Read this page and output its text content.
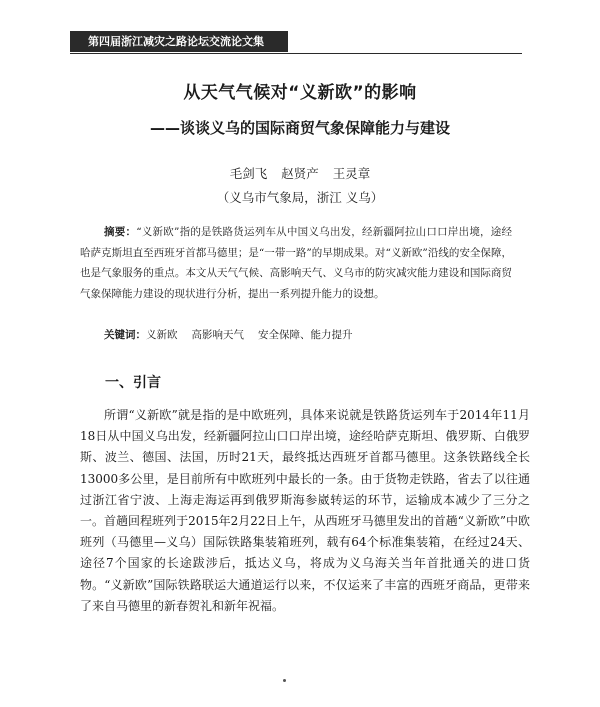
第四届浙江减灾之路论坛交流论文集
从天气气候对“义新欧”的影响
——谈谈义乌的国际商贸气象保障能力与建设
毛剑飞 赵贤产 王灵章
（义乌市气象局，浙江 义乌）
摘要：“义新欧”指的是铁路货运列车从中国义乌出发，经新疆阿拉山口口岸出境，途经哈萨克斯坦直至西班牙首都马德里；是“一带一路”的早期成果。对“义新欧”沿线的安全保障，也是气象服务的重点。本文从天气气候、高影响天气、义乌市的防灾减灾能力建设和国际商贸气象保障能力建设的现状进行分析，提出一系列提升能力的设想。
关键词：义新欧 高影响天气 安全保障、能力提升
一、引言
所谓“义新欧”就是指的是中欧班列，具体来说就是铁路货运列车于2014年11月18日从中国义乌出发，经新疆阿拉山口口岸出境，途经哈萨克斯坦、俄罗斯、白俄罗斯、波兰、德国、法国，历时21天，最终抵达西班牙首都马德里。这条铁路线全长13000多公里，是目前所有中欧班列中最长的一条。由于货物走铁路，省去了以往通过浙江省宁波、上海走海运再到俄罗斯海参崴转运的环节，运输成本减少了三分之一。首趟回程班列于2015年2月22日上午，从西班牙马德里发出的首趟“义新欧”中欧班列（马德里—义乌）国际铁路集装箱班列，载有64个标准集装箱，在经过24天、途径7个国家的长途跋涉后，抵达义乌，将成为义乌海关当年首批通关的进口货物。“义新欧”国际铁路联运大通道运行以来，不仅运来了丰富的西班牙商品，更带来了来自马德里的新春贺礼和新年祝福。
